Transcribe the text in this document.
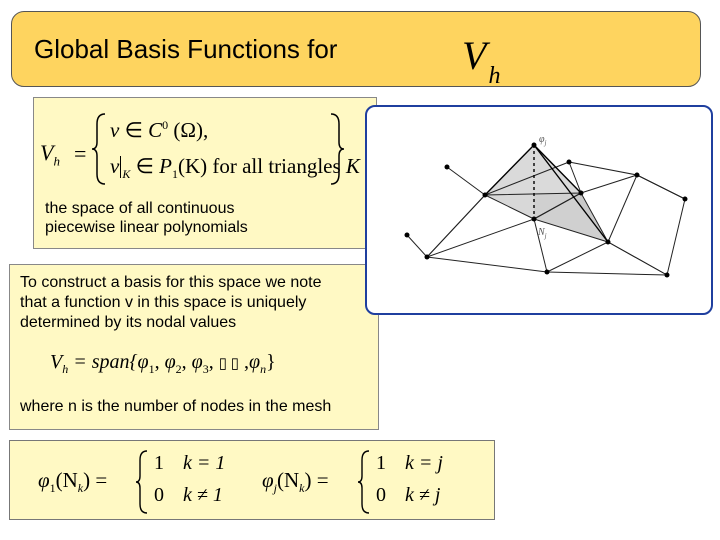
Global Basis Functions for	$V_h$
$V_h$ =
v ∈ $C^0$ (Ω),
v $_K$ ∈ $P_1(K)$ for all triangles K
the space of all continuous
piecewise linear polynomials
To construct a basis for this space we note
that a function v in this space is uniquely
determined by its nodal values
$V_h$ = $span\{\varphi_1$, $\varphi_2$, $\varphi_3$, ▯ ▯ $,\varphi_n$}
where n is the number of nodes in the mesh
$\varphi_1(N_k)$ =
1 k = 1
0 k ≠ 1
$\varphi_j(N_k)$ =
1 k = j
0 k ≠ j
$\varphi_j$
$N_j$
